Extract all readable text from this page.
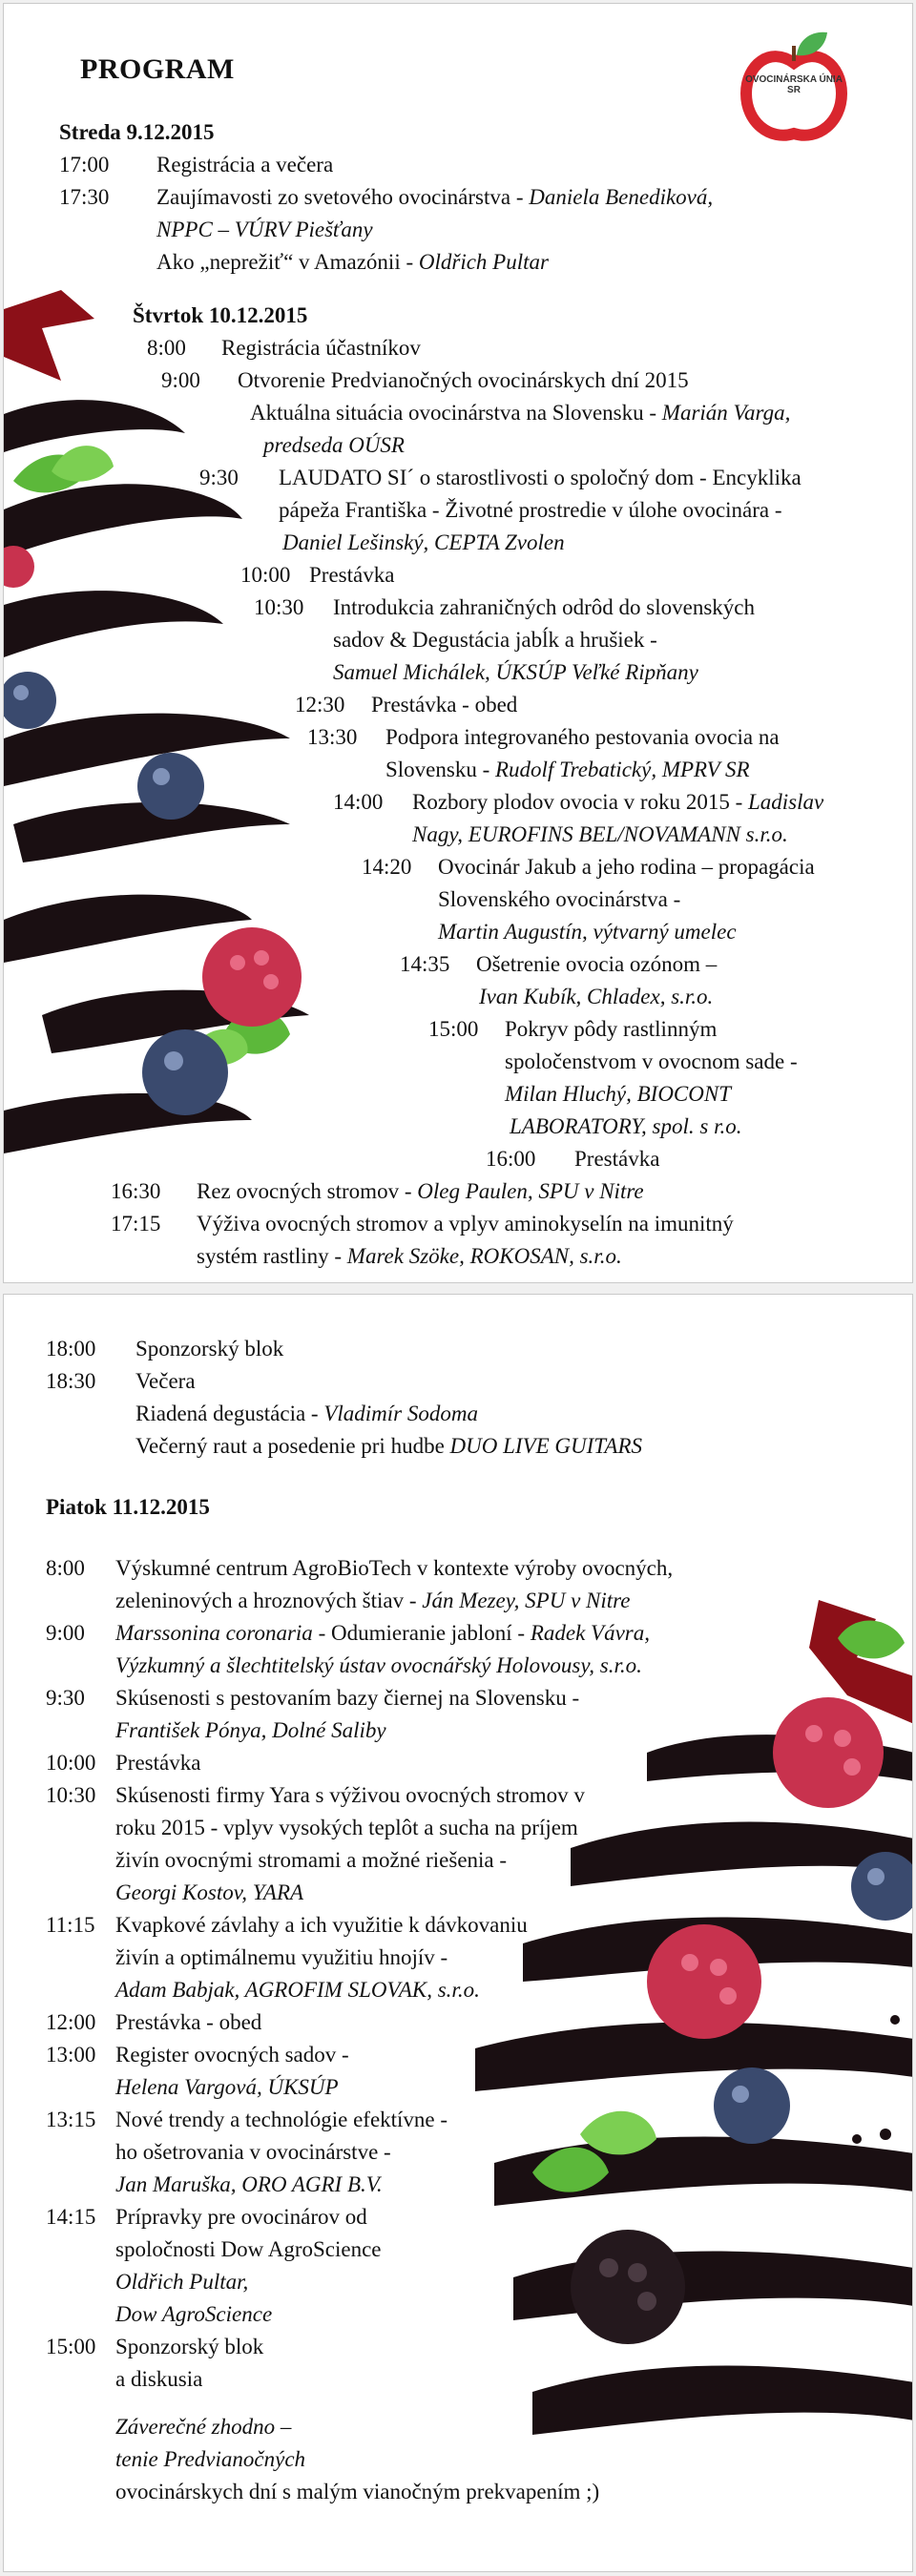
PROGRAM	OVOCINÁRSKA ÚNIA SR
Streda 9.12.2015
17:00 Registrácia a večera
17:30 Zaujímavosti zo svetového ovocinárstva - Daniela Benediková,
NPPC – VÚRV Piešťany
Ako „neprežiť“ v Amazónii - Oldřich Pultar
Štvrtok 10.12.2015
8:00 Registrácia účastníkov
9:00 Otvorenie Predvianočných ovocinárskych dní 2015
Aktuálna situácia ovocinárstva na Slovensku - Marián Varga,
predseda OÚSR
9:30 LAUDATO SI´ o starostlivosti o spoločný dom - Encyklika
pápeža Františka - Životné prostredie v úlohe ovocinára -
Daniel Lešinský, CEPTA Zvolen
10:00 Prestávka
10:30 Introdukcia zahraničných odrôd do slovenských
sadov & Degustácia jabĺk a hrušiek -
Samuel Michálek, ÚKSÚP Veľké Ripňany
12:30 Prestávka - obed
13:30 Podpora integrovaného pestovania ovocia na
Slovensku - Rudolf Trebatický, MPRV SR
14:00 Rozbory plodov ovocia v roku 2015 - Ladislav
Nagy, EUROFINS BEL/NOVAMANN s.r.o.
14:20 Ovocinár Jakub a jeho rodina – propagácia
Slovenského ovocinárstva -
Martin Augustín, výtvarný umelec
14:35 Ošetrenie ovocia ozónom –
Ivan Kubík, Chladex, s.r.o.
15:00 Pokryv pôdy rastlinným
spoločenstvom v ovocnom sade -
Milan Hluchý, BIOCONT
LABORATORY, spol. s r.o.
16:00 Prestávka
16:30 Rez ovocných stromov - Oleg Paulen, SPU v Nitre
17:15 Výživa ovocných stromov a vplyv aminokyselín na imunitný
systém rastliny - Marek Szöke, ROKOSAN, s.r.o.
18:00 Sponzorský blok
18:30 Večera
Riadená degustácia - Vladimír Sodoma
Večerný raut a posedenie pri hudbe DUO LIVE GUITARS
Piatok 11.12.2015
8:00 Výskumné centrum AgroBioTech v kontexte výroby ovocných,
zeleninových a hroznových štiav - Ján Mezey, SPU v Nitre
9:00 Marssonina coronaria - Odumieranie jabloní - Radek Vávra,
Výzkumný a šlechtitelský ústav ovocnářský Holovousy, s.r.o.
9:30 Skúsenosti s pestovaním bazy čiernej na Slovensku -
František Pónya, Dolné Saliby
10:00 Prestávka
10:30 Skúsenosti firmy Yara s výživou ovocných stromov v
roku 2015 - vplyv vysokých teplôt a sucha na príjem
živín ovocnými stromami a možné riešenia -
Georgi Kostov, YARA
11:15 Kvapkové závlahy a ich využitie k dávkovaniu
živín a optimálnemu využitiu hnojív -
Adam Babjak, AGROFIM SLOVAK, s.r.o.
12:00 Prestávka - obed
13:00 Register ovocných sadov -
Helena Vargová, ÚKSÚP
13:15 Nové trendy a technológie efektívne -
ho ošetrovania v ovocinárstve -
Jan Maruška, ORO AGRI B.V.
14:15 Prípravky pre ovocinárov od
spoločnosti Dow AgroScience
Oldřich Pultar,
Dow AgroScience
15:00 Sponzorský blok
a diskusia
Záverečné zhodno –
tenie Predvianočných
ovocinárskych dní s malým vianočným prekvapením ;)
